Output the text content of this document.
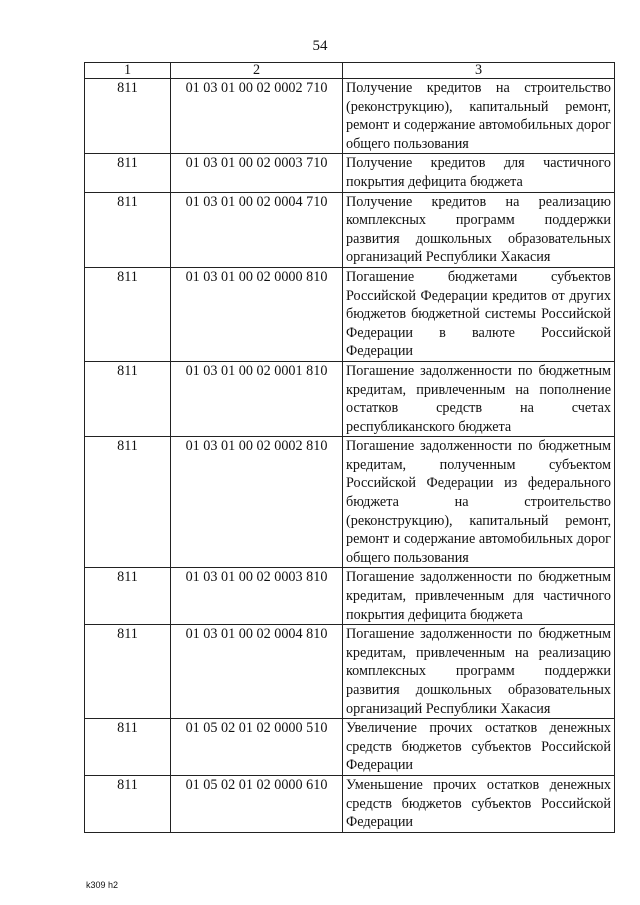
54
1	2	3
811	01 03 01 00 02 0002 710	Получение кредитов на строительство (реконструкцию), капитальный ремонт, ремонт и содержание автомобильных дорог общего пользования
811	01 03 01 00 02 0003 710	Получение кредитов для частичного покрытия дефицита бюджета
811	01 03 01 00 02 0004 710	Получение кредитов на реализацию комплексных программ поддержки развития дошкольных образовательных организаций Республики Хакасия
811	01 03 01 00 02 0000 810	Погашение бюджетами субъектов Российской Федерации кредитов от других бюджетов бюджетной системы Российской Федерации в валюте Российской Федерации
811	01 03 01 00 02 0001 810	Погашение задолженности по бюджетным кредитам, привлеченным на пополнение остатков средств на счетах республиканского бюджета
811	01 03 01 00 02 0002 810	Погашение задолженности по бюджетным кредитам, полученным субъектом Российской Федерации из федерального бюджета на строительство (реконструкцию), капитальный ремонт, ремонт и содержание автомобильных дорог общего пользования
811	01 03 01 00 02 0003 810	Погашение задолженности по бюджетным кредитам, привлеченным для частичного покрытия дефицита бюджета
811	01 03 01 00 02 0004 810	Погашение задолженности по бюджетным кредитам, привлеченным на реализацию комплексных программ поддержки развития дошкольных образовательных организаций Республики Хакасия
811	01 05 02 01 02 0000 510	Увеличение прочих остатков денежных средств бюджетов субъектов Российской Федерации
811	01 05 02 01 02 0000 610	Уменьшение прочих остатков денежных средств бюджетов субъектов Российской Федерации
k309 h2
